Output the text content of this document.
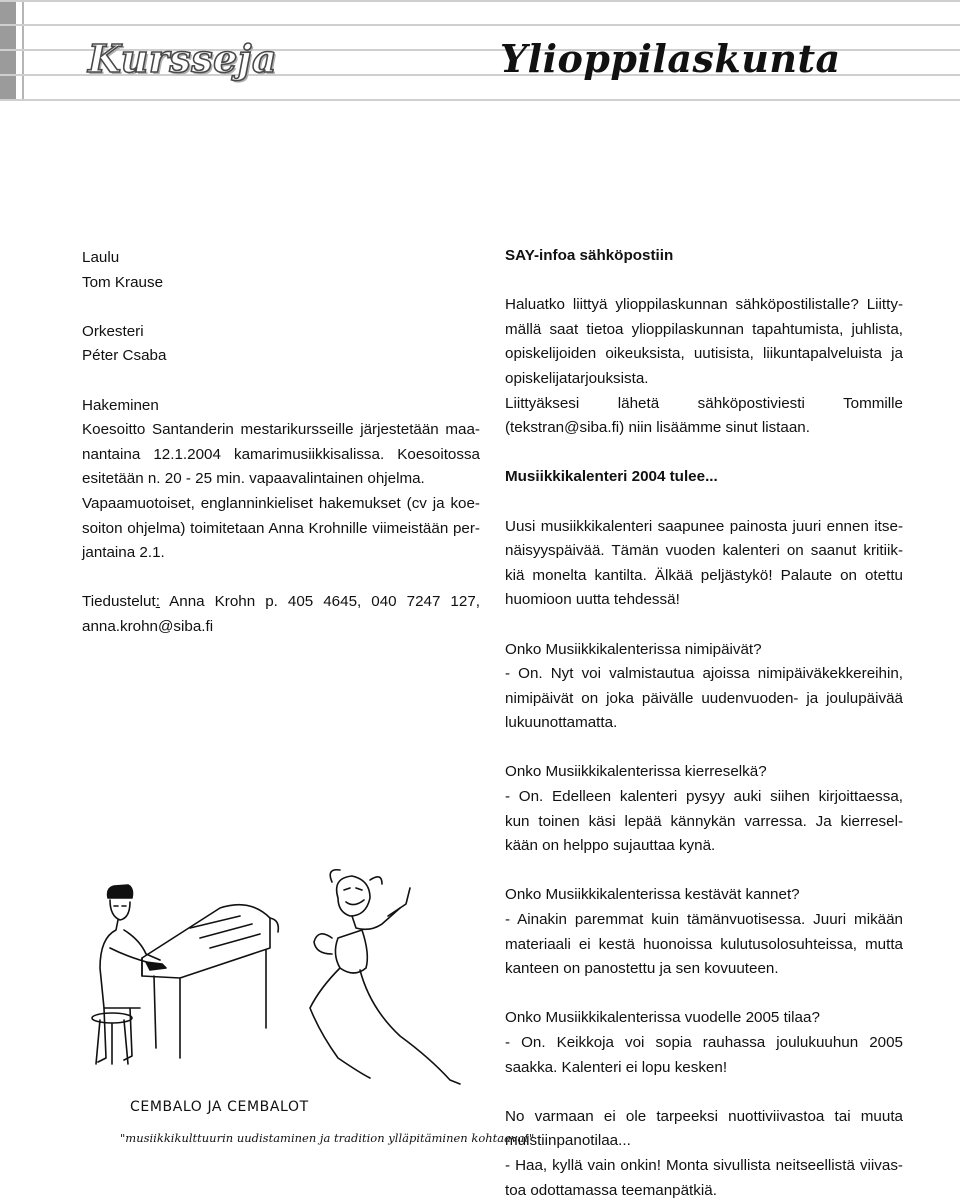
Kursseja	Ylioppilaskunta

Laulu

Tom Krause

Orkesteri

Péter Csaba

Hakeminen

Koesoitto Santanderin mestarikursseille järjestetään maa-

nantaina 12.1.2004 kamarimusiikkisalissa. Koesoitossa

esitetään n. 20 - 25 min. vapaavalintainen ohjelma.

Vapaamuotoiset, englanninkieliset hakemukset (cv ja koe-

soiton ohjelma) toimitetaan Anna Krohnille viimeistään per-

jantaina 2.1.

Tiedustelut: Anna Krohn p. 405 4645, 040 7247 127,

anna.krohn@siba.fi

SAY-infoa sähköpostiin

Haluatko liittyä ylioppilaskunnan sähköpostilistalle? Liitty-

mällä saat tietoa ylioppilaskunnan tapahtumista, juhlista,

opiskelijoiden oikeuksista, uutisista, liikuntapalveluista ja

opiskelijatarjouksista.

Liittyäksesi lähetä sähköpostiviesti Tommille

(tekstran@siba.fi) niin lisäämme sinut listaan.

Musiikkikalenteri 2004 tulee...

Uusi musiikkikalenteri saapunee painosta juuri ennen itse-

näisyyspäivää. Tämän vuoden kalenteri on saanut kritiik-

kiä monelta kantilta. Älkää peljästykö! Palaute on otettu

huomioon uutta tehdessä!

Onko Musiikkikalenterissa nimipäivät?

- On. Nyt voi valmistautua ajoissa nimipäiväkekkereihin,

nimipäivät on joka päivälle uudenvuoden- ja joulupäivää

lukuunottamatta.

Onko Musiikkikalenterissa kierreselkä?

- On. Edelleen kalenteri pysyy auki siihen kirjoittaessa,

kun toinen käsi lepää kännykän varressa. Ja kierresel-

kään on helppo sujauttaa kynä.

Onko Musiikkikalenterissa kestävät kannet?

- Ainakin paremmat kuin tämänvuotisessa. Juuri mikään

materiaali ei kestä huonoissa kulutusolosuhteissa, mutta

kanteen on panostettu ja sen kovuuteen.

Onko Musiikkikalenterissa vuodelle 2005 tilaa?

- On. Keikkoja voi sopia rauhassa joulukuuhun 2005

saakka. Kalenteri ei lopu kesken!

No varmaan ei ole tarpeeksi nuottiviivastoa tai muuta

muistiinpanotilaa...

- Haa, kyllä vain onkin! Monta sivullista neitseellistä viivas-

toa odottamassa teemanpätkiä.

CEMBALO JA CEMBALOT
"musiikkikulttuurin uudistaminen ja tradition ylläpitäminen kohtaavat"
